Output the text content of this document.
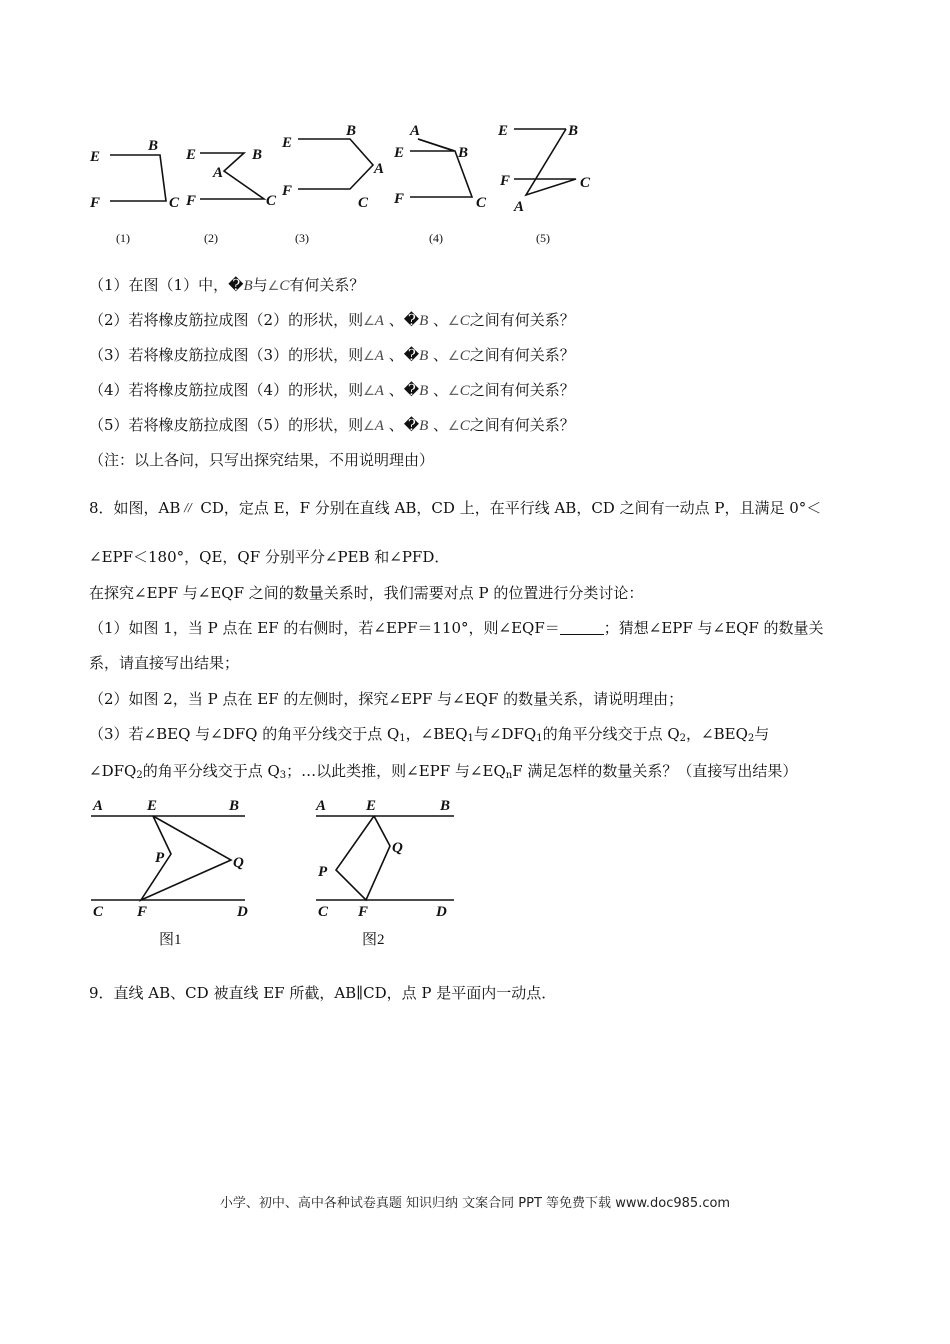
E
B
F	C
(1)
E	B
A
F	C
(2)
E
B
A
F
C
(3)
E
A
B
F	C
(4)
E	B
F	C
A
(5)
（1）在图（1）中，�B与∠C有何关系？
（2）若将橡皮筋拉成图（2）的形状，则∠A 、�B 、∠C之间有何关系？
（3）若将橡皮筋拉成图（3）的形状，则∠A 、�B 、∠C之间有何关系？
（4）若将橡皮筋拉成图（4）的形状，则∠A 、�B 、∠C之间有何关系？
（5）若将橡皮筋拉成图（5）的形状，则∠A 、�B 、∠C之间有何关系？
（注：以上各问，只写出探究结果，不用说明理由）
8．如图，AB // CD，定点 E，F 分别在直线 AB，CD 上，在平行线 AB，CD 之间有一动点 P，且满足 0°＜
∠EPF＜180°，QE，QF 分别平分∠PEB 和∠PFD．
在探究∠EPF 与∠EQF 之间的数量关系时，我们需要对点 P 的位置进行分类讨论：
（1）如图 1，当 P 点在 EF 的右侧时，若∠EPF＝110°，则∠EQF＝	；猜想∠EPF 与∠EQF 的数量关
系，请直接写出结果；
（2）如图 2，当 P 点在 EF 的左侧时，探究∠EPF 与∠EQF 的数量关系，请说明理由；
（3）若∠BEQ 与∠DFQ 的角平分线交于点 $Q_1$，$\angle BEQ_1$与$\angle DFQ_1$的角平分线交于点 $Q_2$，$\angle BEQ_2$与
$\angle DFQ_2$的角平分线交于点 $Q_3$；…以此类推，则∠EPF 与$\angle EQ_nF$ 满足怎样的数量关系？（直接写出结果）
A	E	B
P	Q
C F	D
图1
A	E	B
P
Q
C F	D
图2
9．直线 AB、CD 被直线 EF 所截，AB∥CD，点 P 是平面内一动点．
小学、初中、高中各种试卷真题 知识归纳 文案合同 PPT 等免费下载 www.doc985.com
